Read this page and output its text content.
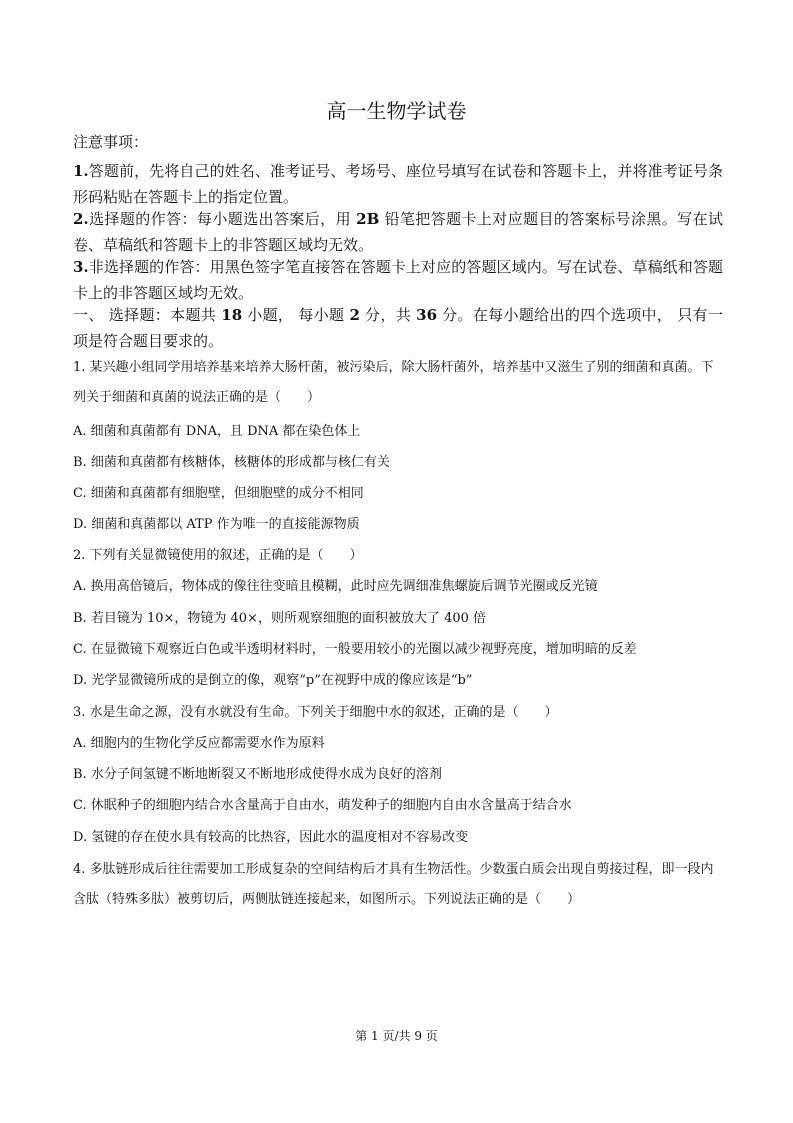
高一生物学试卷
注意事项：
1.答题前，先将自己的姓名、准考证号、考场号、座位号填写在试卷和答题卡上，并将准考证号条形码粘贴在答题卡上的指定位置。
2.选择题的作答：每小题选出答案后，用 2B 铅笔把答题卡上对应题目的答案标号涂黑。写在试卷、草稿纸和答题卡上的非答题区域均无效。
3.非选择题的作答：用黑色签字笔直接答在答题卡上对应的答题区域内。写在试卷、草稿纸和答题卡上的非答题区域均无效。
一、 选择题：本题共 18 小题， 每小题 2 分，共 36 分。在每小题给出的四个选项中， 只有一项是符合题目要求的。
1. 某兴趣小组同学用培养基来培养大肠杆菌，被污染后，除大肠杆菌外，培养基中又滋生了别的细菌和真菌。下列关于细菌和真菌的说法正确的是（　　）
A. 细菌和真菌都有 DNA，且 DNA 都在染色体上
B. 细菌和真菌都有核糖体，核糖体的形成都与核仁有关
C. 细菌和真菌都有细胞壁，但细胞壁的成分不相同
D. 细菌和真菌都以 ATP 作为唯一的直接能源物质
2. 下列有关显微镜使用的叙述，正确的是（　　）
A. 换用高倍镜后，物体成的像往往变暗且模糊，此时应先调细准焦螺旋后调节光圈或反光镜
B. 若目镜为 10×，物镜为 40×，则所观察细胞的面积被放大了 400 倍
C. 在显微镜下观察近白色或半透明材料时，一般要用较小的光圈以减少视野亮度，增加明暗的反差
D. 光学显微镜所成的是倒立的像，观察“p”在视野中成的像应该是“b”
3. 水是生命之源，没有水就没有生命。下列关于细胞中水的叙述，正确的是（　　）
A. 细胞内的生物化学反应都需要水作为原料
B. 水分子间氢键不断地断裂又不断地形成使得水成为良好的溶剂
C. 休眠种子的细胞内结合水含量高于自由水，萌发种子的细胞内自由水含量高于结合水
D. 氢键的存在使水具有较高的比热容，因此水的温度相对不容易改变
4. 多肽链形成后往往需要加工形成复杂的空间结构后才具有生物活性。少数蛋白质会出现自剪接过程，即一段内含肽（特殊多肽）被剪切后，两侧肽链连接起来，如图所示。下列说法正确的是（　　）
第 1 页/共 9 页
